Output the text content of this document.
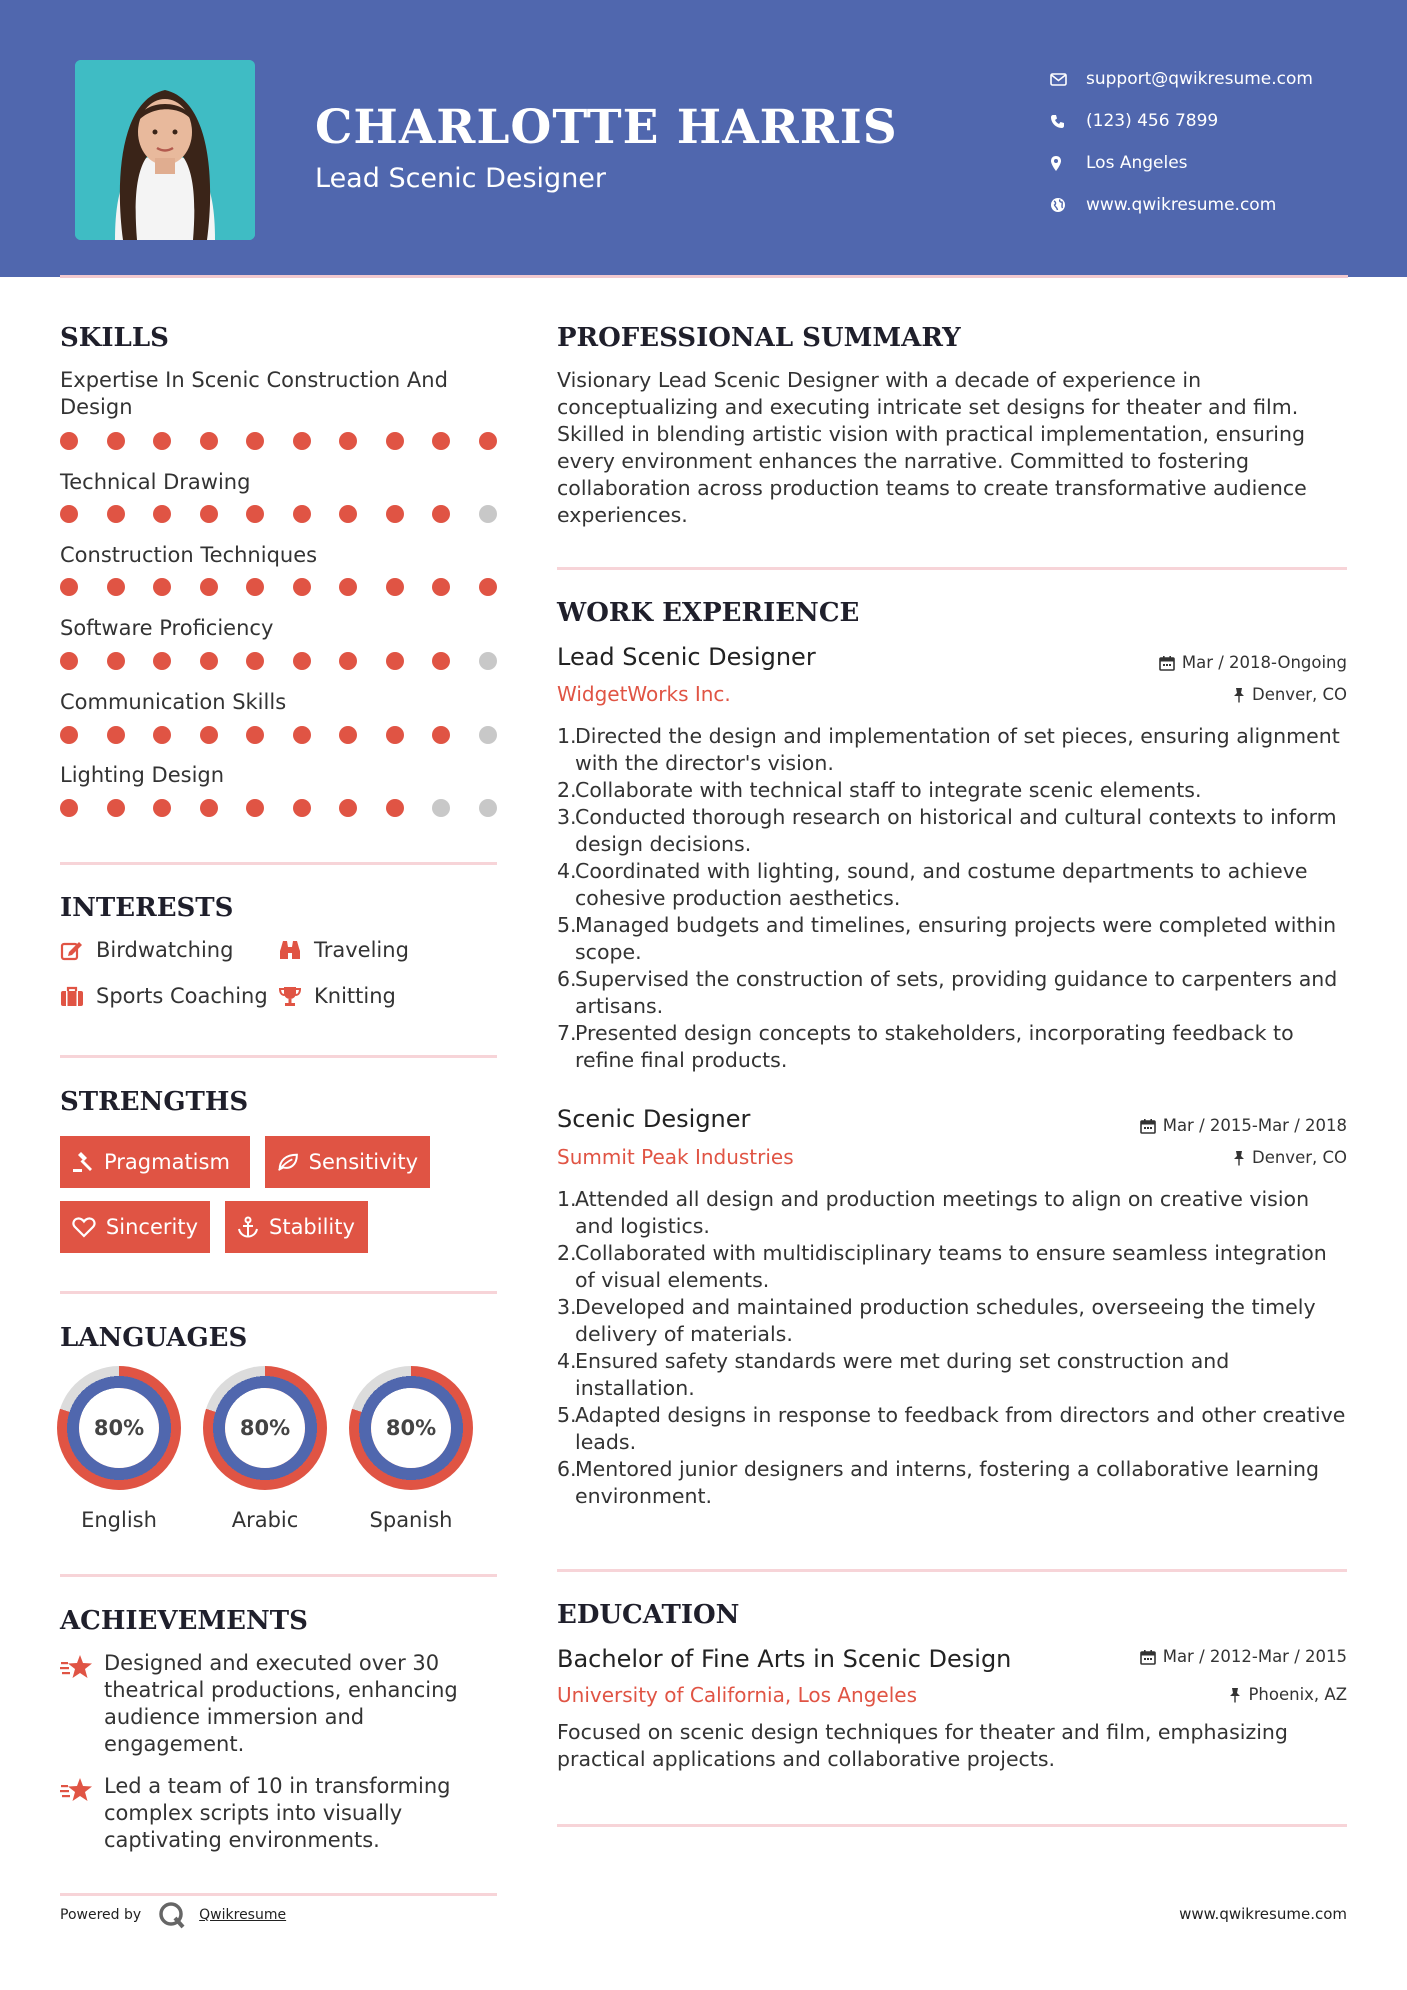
CHARLOTTE HARRIS
Lead Scenic Designer
support@qwikresume.com
(123) 456 7899
Los Angeles
www.qwikresume.com
SKILLS
Expertise In Scenic Construction And Design
Technical Drawing
Construction Techniques
Software Proficiency
Communication Skills
Lighting Design
INTERESTS
Birdwatching	Traveling
Sports Coaching Knitting
STRENGTHS
Pragmatism	Sensitivity
Sincerity	Stability
LANGUAGES
80%
English
80%
Arabic
80%
Spanish
ACHIEVEMENTS
Designed and executed over 30 theatrical productions, enhancing audience immersion and engagement.
Led a team of 10 in transforming complex scripts into visually captivating environments.
PROFESSIONAL SUMMARY
Visionary Lead Scenic Designer with a decade of experience in conceptualizing and executing intricate set designs for theater and film. Skilled in blending artistic vision with practical implementation, ensuring every environment enhances the narrative. Committed to fostering collaboration across production teams to create transformative audience experiences.
WORK EXPERIENCE
Lead Scenic Designer	Mar / 2018-Ongoing
WidgetWorks Inc.	Denver, CO
1.
Directed the design and implementation of set pieces, ensuring alignment with the director's vision.
2.
Collaborate with technical staff to integrate scenic elements.
3.
Conducted thorough research on historical and cultural contexts to inform design decisions.
4.
Coordinated with lighting, sound, and costume departments to achieve cohesive production aesthetics.
5.
Managed budgets and timelines, ensuring projects were completed within scope.
6.
Supervised the construction of sets, providing guidance to carpenters and artisans.
7.
Presented design concepts to stakeholders, incorporating feedback to refine final products.
Scenic Designer	Mar / 2015-Mar / 2018
Summit Peak Industries	Denver, CO
1.
Attended all design and production meetings to align on creative vision and logistics.
2.
Collaborated with multidisciplinary teams to ensure seamless integration of visual elements.
3.
Developed and maintained production schedules, overseeing the timely delivery of materials.
4.
Ensured safety standards were met during set construction and installation.
5.
Adapted designs in response to feedback from directors and other creative leads.
6.
Mentored junior designers and interns, fostering a collaborative learning environment.
EDUCATION
Bachelor of Fine Arts in Scenic Design	Mar / 2012-Mar / 2015
University of California, Los Angeles	Phoenix, AZ
Focused on scenic design techniques for theater and film, emphasizing practical applications and collaborative projects.
Powered by	Qwikresume	www.qwikresume.com
